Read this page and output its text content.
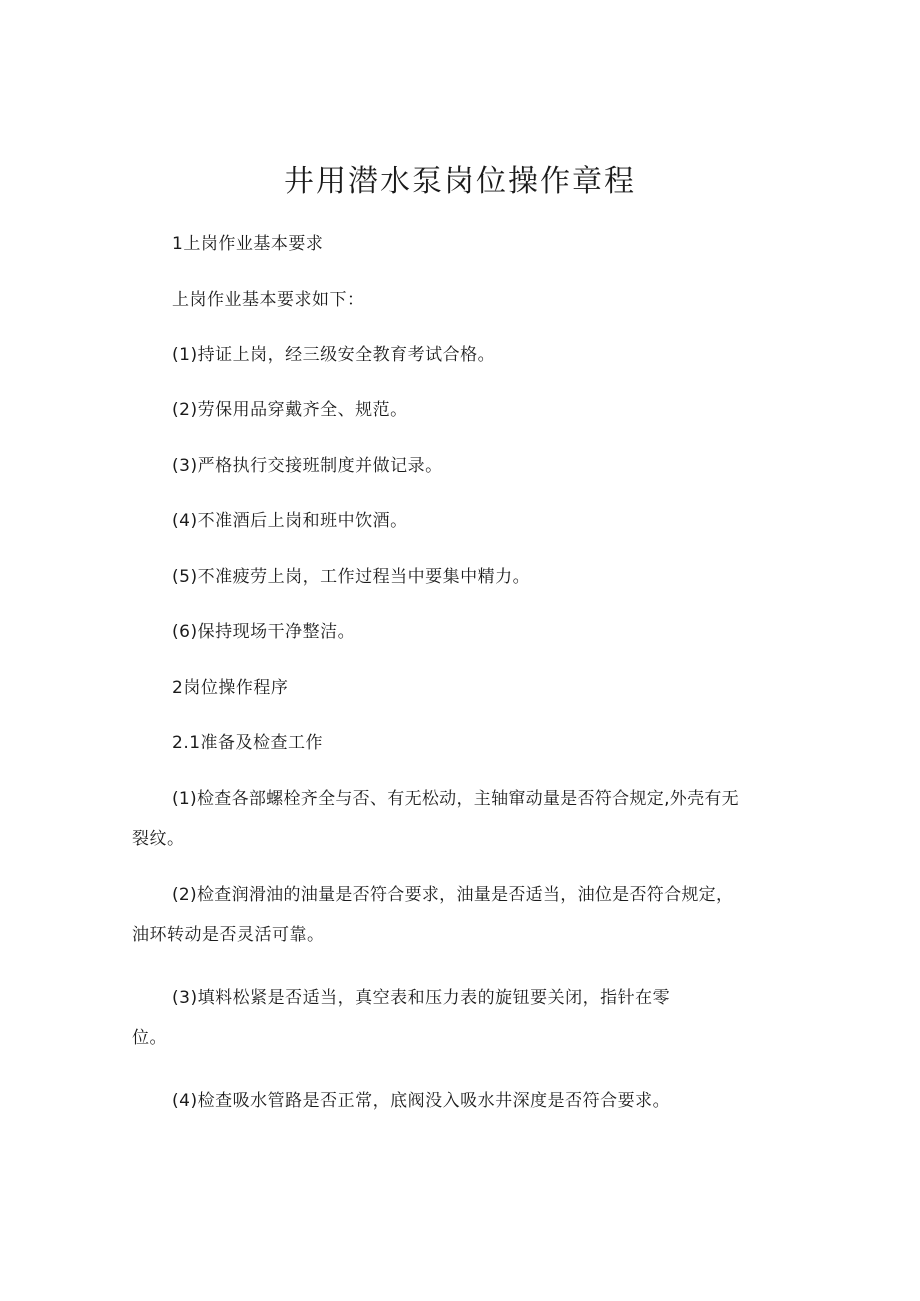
井用潜水泵岗位操作章程

1上岗作业基本要求

上岗作业基本要求如下：

(1)持证上岗，经三级安全教育考试合格。

(2)劳保用品穿戴齐全、规范。

(3)严格执行交接班制度并做记录。

(4)不准酒后上岗和班中饮酒。

(5)不准疲劳上岗，工作过程当中要集中精力。

(6)保持现场干净整洁。

2岗位操作程序

2.1准备及检查工作

(1)检查各部螺栓齐全与否、有无松动，主轴窜动量是否符合规定,外壳有无

裂纹。

(2)检查润滑油的油量是否符合要求，油量是否适当，油位是否符合规定，

油环转动是否灵活可靠。

(3)填料松紧是否适当，真空表和压力表的旋钮要关闭，指针在零

位。

(4)检查吸水管路是否正常，底阀没入吸水井深度是否符合要求。
